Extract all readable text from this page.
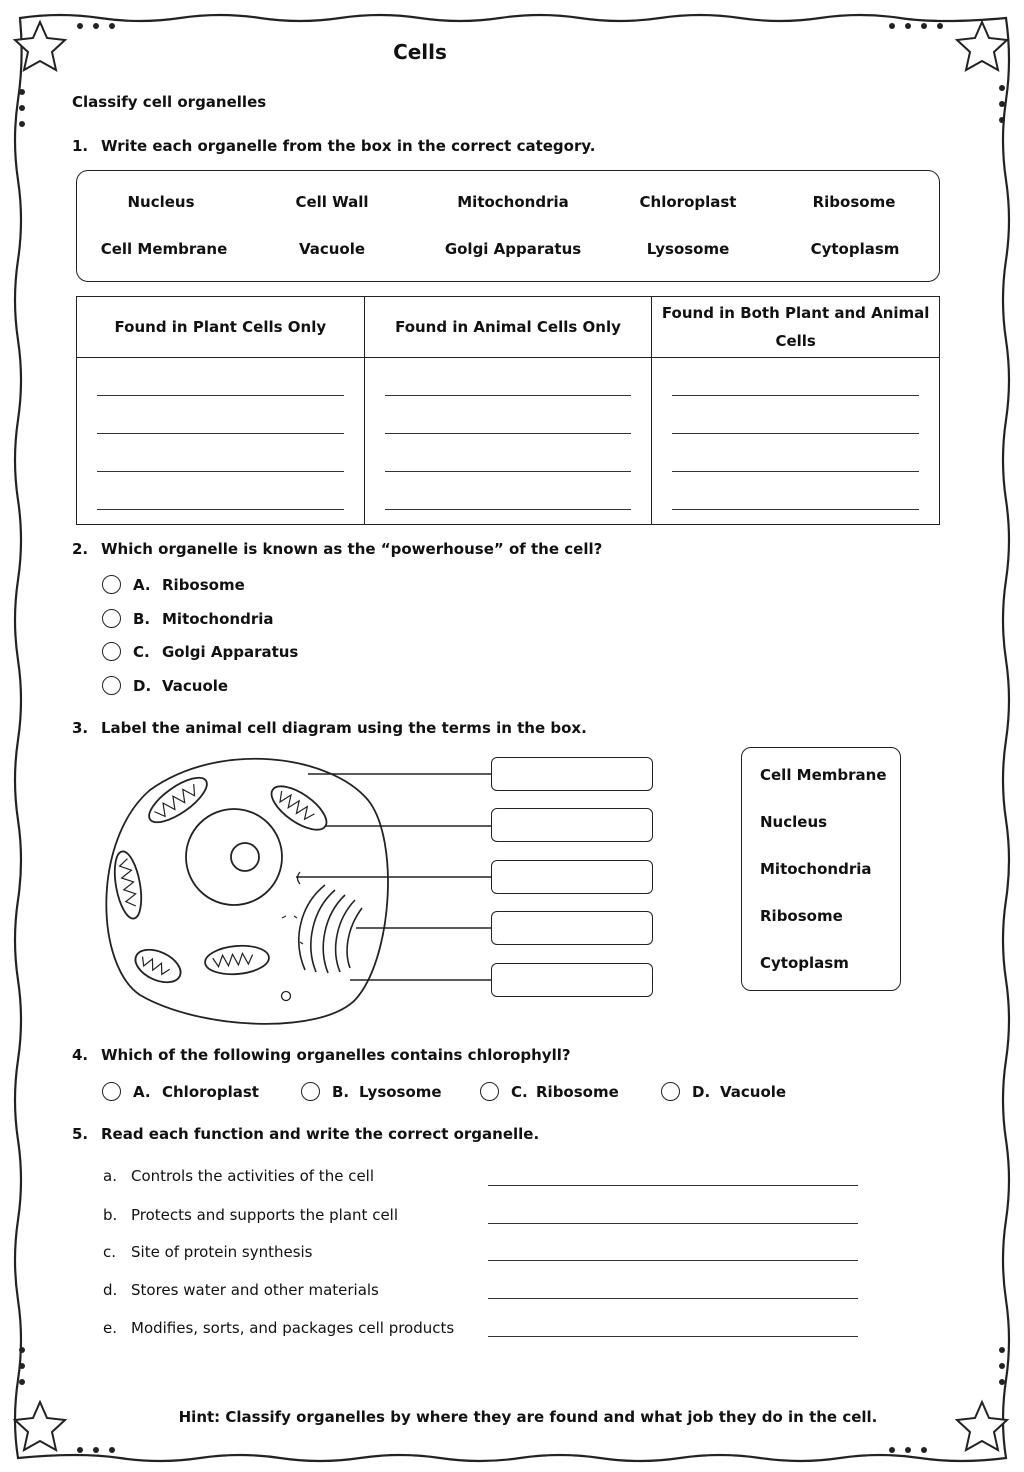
Cells
Classify cell organelles
1. Write each organelle from the box in the correct category.
Nucleus	Cell Wall	Mitochondria	Chloroplast	Ribosome
Cell Membrane	Vacuole	Golgi Apparatus	Lysosome	Cytoplasm
Found in Plant Cells Only	Found in Animal Cells Only	Found in Both Plant and Animal Cells

2. Which organelle is known as the “powerhouse” of the cell?
A. Ribosome
B. Mitochondria
C. Golgi Apparatus
D. Vacuole
3. Label the animal cell diagram using the terms in the box.
Cell Membrane
Nucleus
Mitochondria
Ribosome
Cytoplasm
4. Which of the following organelles contains chlorophyll?
A. Chloroplast	B. Lysosome	C. Ribosome	D. Vacuole
5. Read each function and write the correct organelle.
a. Controls the activities of the cell
b. Protects and supports the plant cell
c. Site of protein synthesis
d. Stores water and other materials
e. Modifies, sorts, and packages cell products
Hint: Classify organelles by where they are found and what job they do in the cell.
